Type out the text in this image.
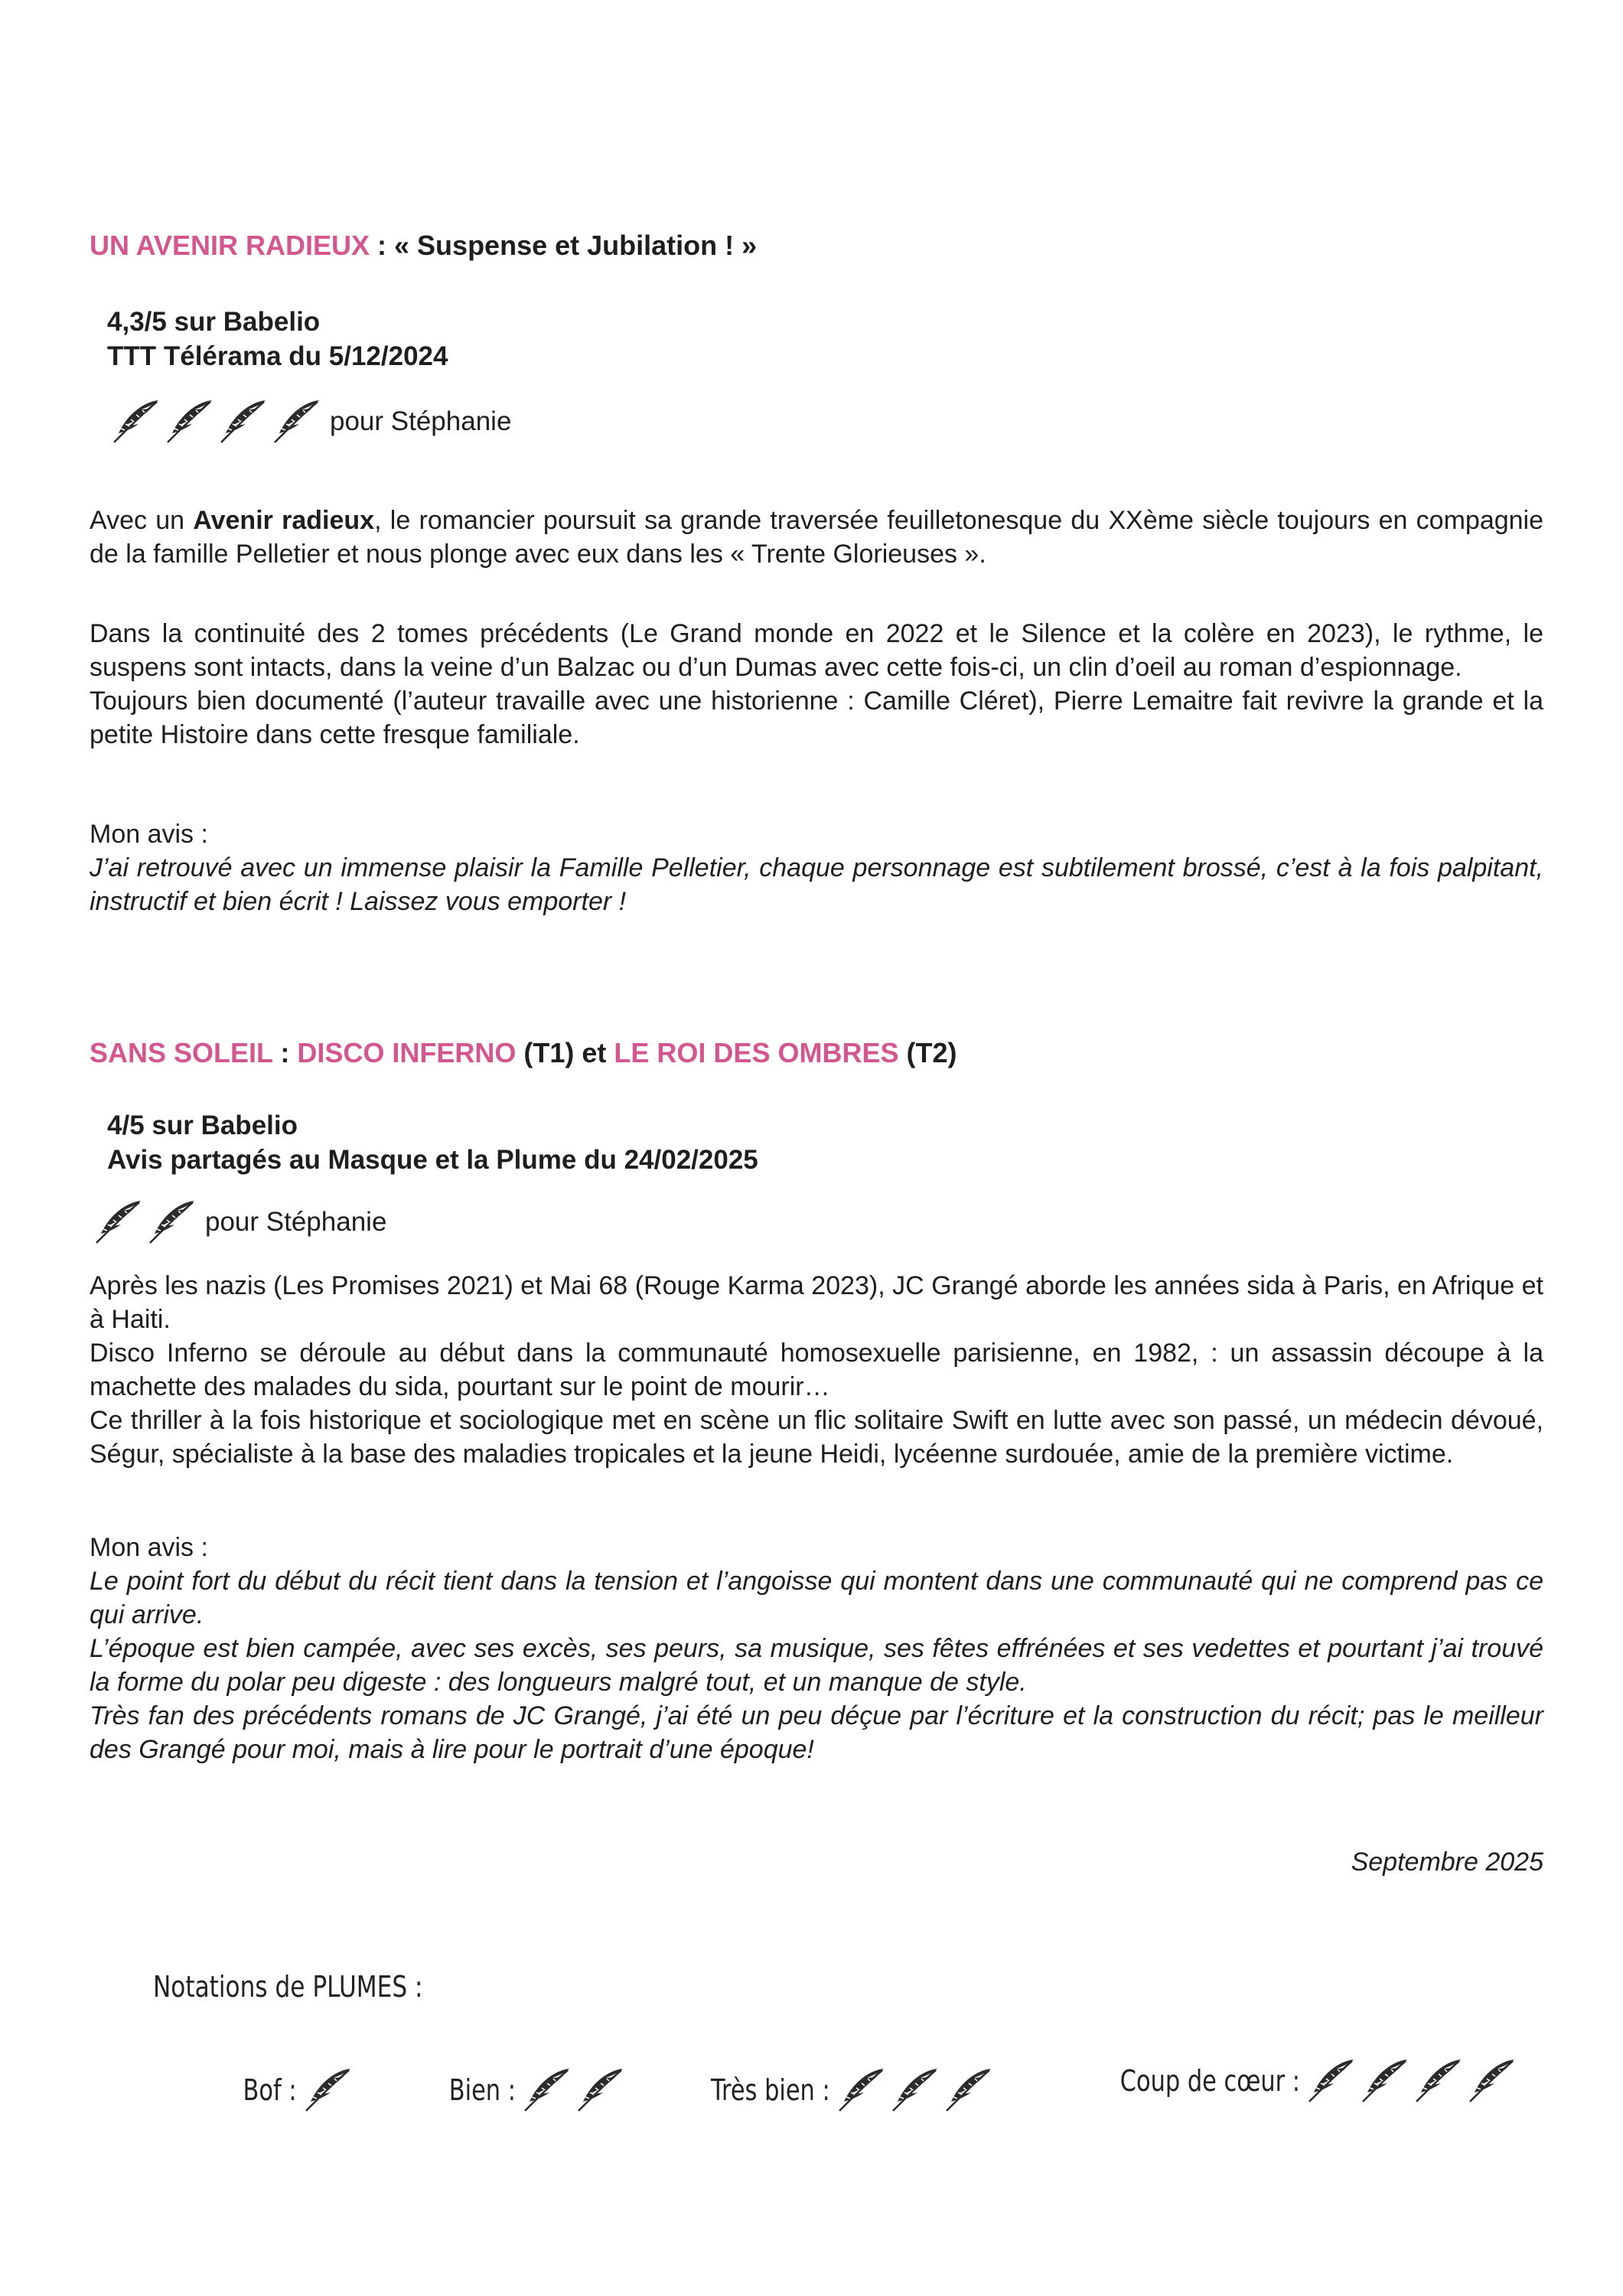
UN AVENIR RADIEUX : « Suspense et Jubilation ! »
4,3/5 sur Babelio
TTT Télérama du 5/12/2024
pour Stéphanie

Avec un Avenir radieux, le romancier poursuit sa grande traversée feuilletonesque du XXème siècle toujours en compagnie de la famille Pelletier et nous plonge avec eux dans les « Trente Glorieuses ».

Dans la continuité des 2 tomes précédents (Le Grand monde en 2022 et le Silence et la colère en 2023), le rythme, le suspens sont intacts, dans la veine d’un Balzac ou d’un Dumas avec cette fois-ci, un clin d’oeil au roman d’espionnage.

Toujours bien documenté (l’auteur travaille avec une historienne : Camille Cléret), Pierre Lemaitre fait revivre la grande et la petite Histoire dans cette fresque familiale.

Mon avis :

J’ai retrouvé avec un immense plaisir la Famille Pelletier, chaque personnage est subtilement brossé, c’est à la fois palpitant, instructif et bien écrit ! Laissez vous emporter !

SANS SOLEIL : DISCO INFERNO (T1) et LE ROI DES OMBRES (T2)
4/5 sur Babelio
Avis partagés au Masque et la Plume du 24/02/2025
pour Stéphanie

Après les nazis (Les Promises 2021) et Mai 68 (Rouge Karma 2023), JC Grangé aborde les années sida à Paris, en Afrique et à Haiti.

Disco Inferno se déroule au début dans la communauté homosexuelle parisienne, en 1982, : un assassin découpe à la machette des malades du sida, pourtant sur le point de mourir…

Ce thriller à la fois historique et sociologique met en scène un flic solitaire Swift en lutte avec son passé, un médecin dévoué, Ségur, spécialiste à la base des maladies tropicales et la jeune Heidi, lycéenne surdouée, amie de la première victime.

Mon avis :

Le point fort du début du récit tient dans la tension et l’angoisse qui montent dans une communauté qui ne comprend pas ce qui arrive.

L’époque est bien campée, avec ses excès, ses peurs, sa musique, ses fêtes effrénées et ses vedettes et pourtant j’ai trouvé la forme du polar peu digeste : des longueurs malgré tout, et un manque de style.

Très fan des précédents romans de JC Grangé, j’ai été un peu déçue par l’écriture et la construction du récit; pas le meilleur des Grangé pour moi, mais à lire pour le portrait d’une époque!

Septembre 2025
Notations de PLUMES :
Bof :	Bien :	Très bien :	Coup de cœur :
